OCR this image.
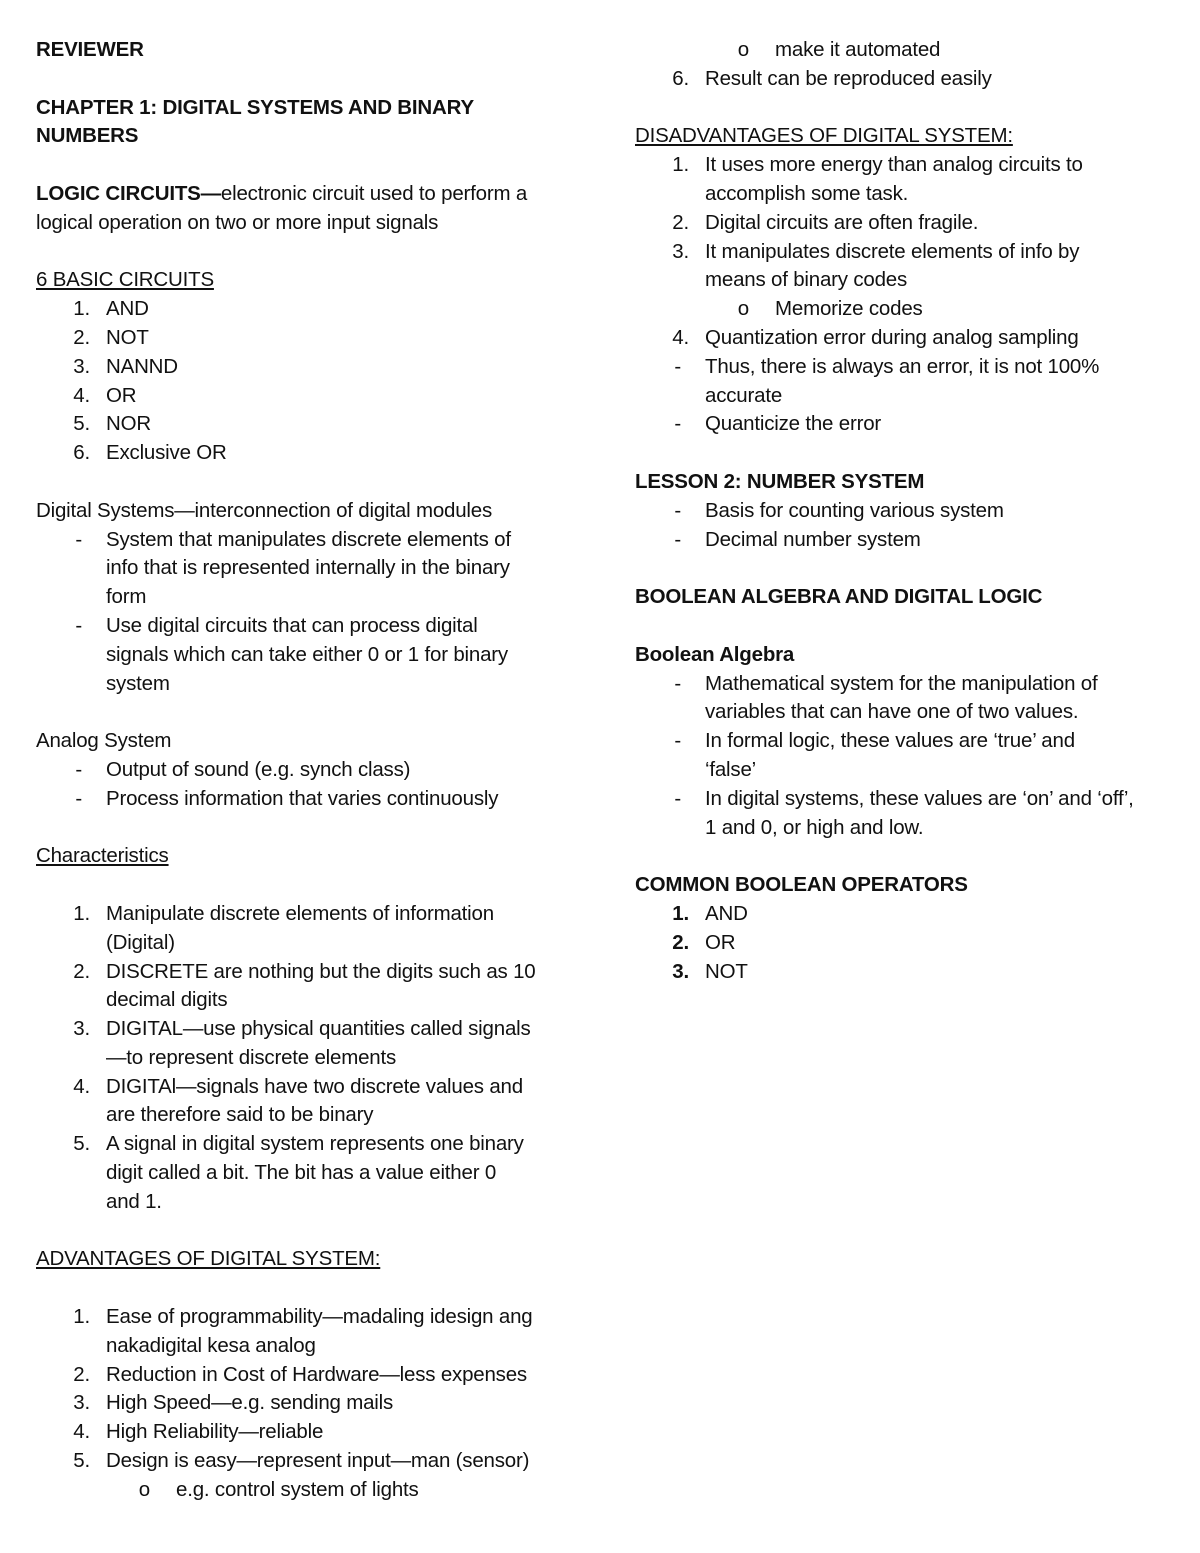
REVIEWER
CHAPTER 1: DIGITAL SYSTEMS AND BINARY NUMBERS
LOGIC CIRCUITS—electronic circuit used to perform a
logical operation on two or more input signals
6 BASIC CIRCUITS
1. AND
2. NOT
3. NANND
4. OR
5. NOR
6. Exclusive OR
Digital Systems—interconnection of digital modules
-	System that manipulates discrete elements of
info that is represented internally in the binary
form
-	Use digital circuits that can process digital
signals which can take either 0 or 1 for binary
system
Analog System
-	Output of sound (e.g. synch class)
-	Process information that varies continuously
Characteristics
1. Manipulate discrete elements of information
(Digital)
2. DISCRETE are nothing but the digits such as 10
decimal digits
3. DIGITAL—use physical quantities called signals
—to represent discrete elements
4. DIGITAl—signals have two discrete values and
are therefore said to be binary
5. A signal in digital system represents one binary
digit called a bit. The bit has a value either 0
and 1.
ADVANTAGES OF DIGITAL SYSTEM:
1. Ease of programmability—madaling idesign ang
nakadigital kesa analog
2. Reduction in Cost of Hardware—less expenses
3. High Speed—e.g. sending mails
4. High Reliability—reliable
5. Design is easy—represent input—man (sensor)
o	e.g. control system of lights
o	make it automated
6. Result can be reproduced easily
DISADVANTAGES OF DIGITAL SYSTEM:
1. It uses more energy than analog circuits to
accomplish some task.
2. Digital circuits are often fragile.
3. It manipulates discrete elements of info by
means of binary codes
o	Memorize codes
4. Quantization error during analog sampling
-	Thus, there is always an error, it is not 100%
accurate
-	Quanticize the error
LESSON 2: NUMBER SYSTEM
-	Basis for counting various system
-	Decimal number system
BOOLEAN ALGEBRA AND DIGITAL LOGIC
Boolean Algebra
-	Mathematical system for the manipulation of
variables that can have one of two values.
-	In formal logic, these values are ‘true’ and
‘false’
-	In digital systems, these values are ‘on’ and ‘off’,
1 and 0, or high and low.
COMMON BOOLEAN OPERATORS
1. AND
2. OR
3. NOT
